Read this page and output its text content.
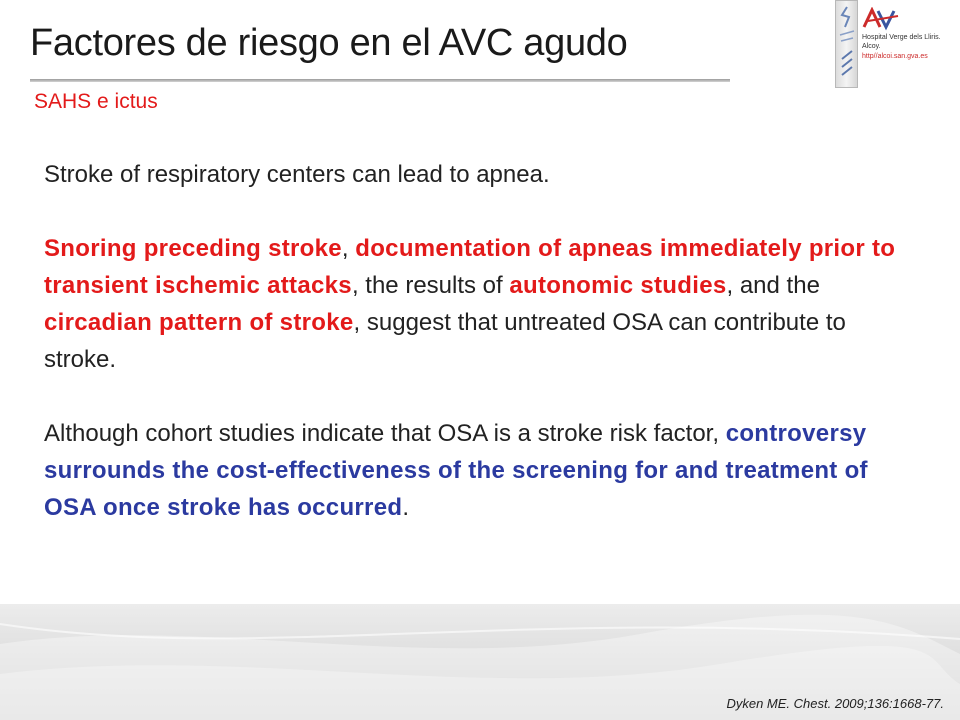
Hospital Verge dels Lliris.
Alcoy.
http//alcoi.san.gva.es
Factores de riesgo en el AVC agudo
SAHS e ictus

Stroke of respiratory centers can lead to apnea.

Snoring preceding stroke, documentation of apneas immediately prior to transient ischemic attacks, the results of autonomic studies, and the circadian pattern of stroke, suggest that untreated OSA can contribute to stroke.

Although cohort studies indicate that OSA is a stroke risk factor, controversy surrounds the cost-effectiveness of the screening for and treatment of OSA once stroke has occurred.

Dyken ME. Chest. 2009;136:1668-77.
